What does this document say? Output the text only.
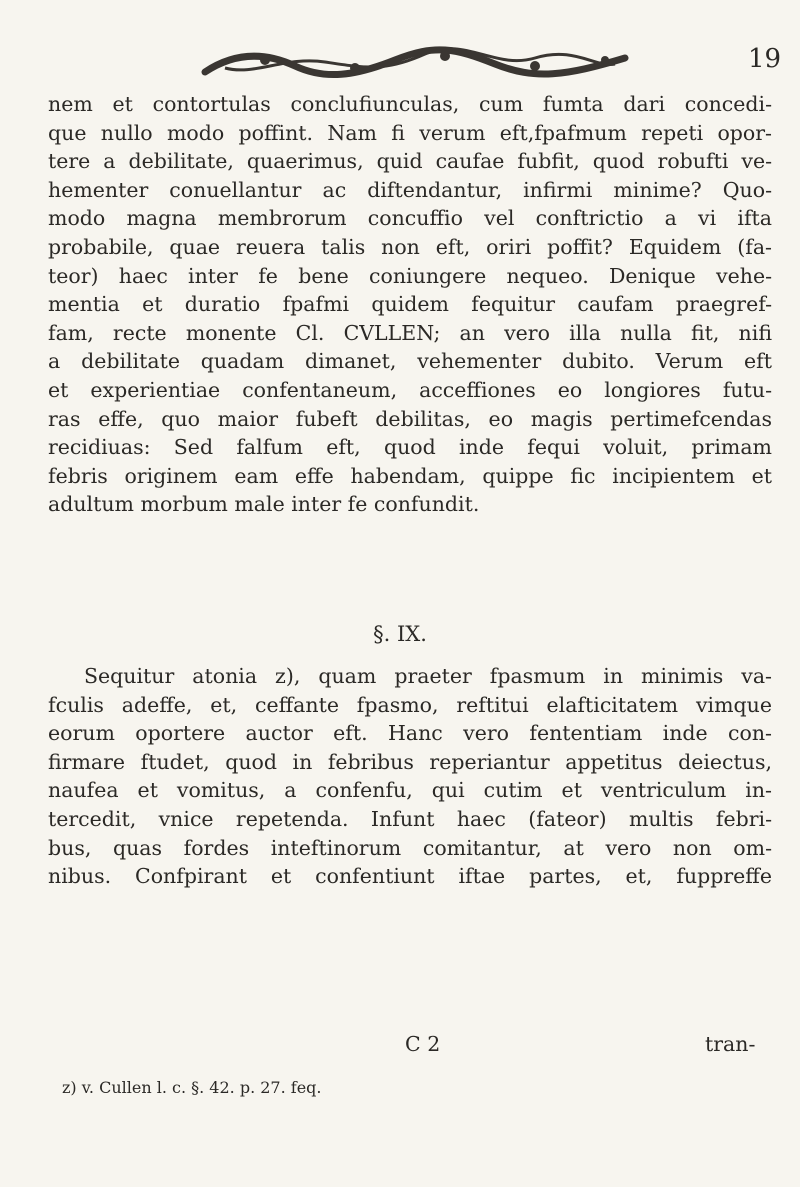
19
nem et contortulas conclufiunculas, cum fumta dari concedi-
que nullo modo poffint. Nam fi verum eft,fpafmum repeti opor-
tere a debilitate, quaerimus, quid caufae fubfit, quod robufti ve-
hementer conuellantur ac diftendantur, infirmi minime? Quo-
modo magna membrorum concuffio vel conftrictio a vi ifta
probabile, quae reuera talis non eft, oriri poffit? Equidem (fa-
teor) haec inter fe bene coniungere nequeo. Denique vehe-
mentia et duratio fpafmi quidem fequitur caufam praegref-
fam, recte monente Cl. CVLLEN; an vero illa nulla fit, nifi
a debilitate quadam dimanet, vehementer dubito. Verum eft
et experientiae confentaneum, acceffiones eo longiores futu-
ras effe, quo maior fubeft debilitas, eo magis pertimefcendas
recidiuas: Sed falfum eft, quod inde fequi voluit, primam
febris originem eam effe habendam, quippe fic incipientem et
adultum morbum male inter fe confundit.
§. IX.
Sequitur atonia z), quam praeter fpasmum in minimis va-
fculis adeffe, et, ceffante fpasmo, reftitui elafticitatem vimque
eorum oportere auctor eft. Hanc vero fententiam inde con-
firmare ftudet, quod in febribus reperiantur appetitus deiectus,
naufea et vomitus, a confenfu, qui cutim et ventriculum in-
tercedit, vnice repetenda. Infunt haec (fateor) multis febri-
bus, quas fordes inteftinorum comitantur, at vero non om-
nibus. Confpirant et confentiunt iftae partes, et, fuppreffe
C 2	tran-
z) v. Cullen l. c. §. 42. p. 27. feq.
